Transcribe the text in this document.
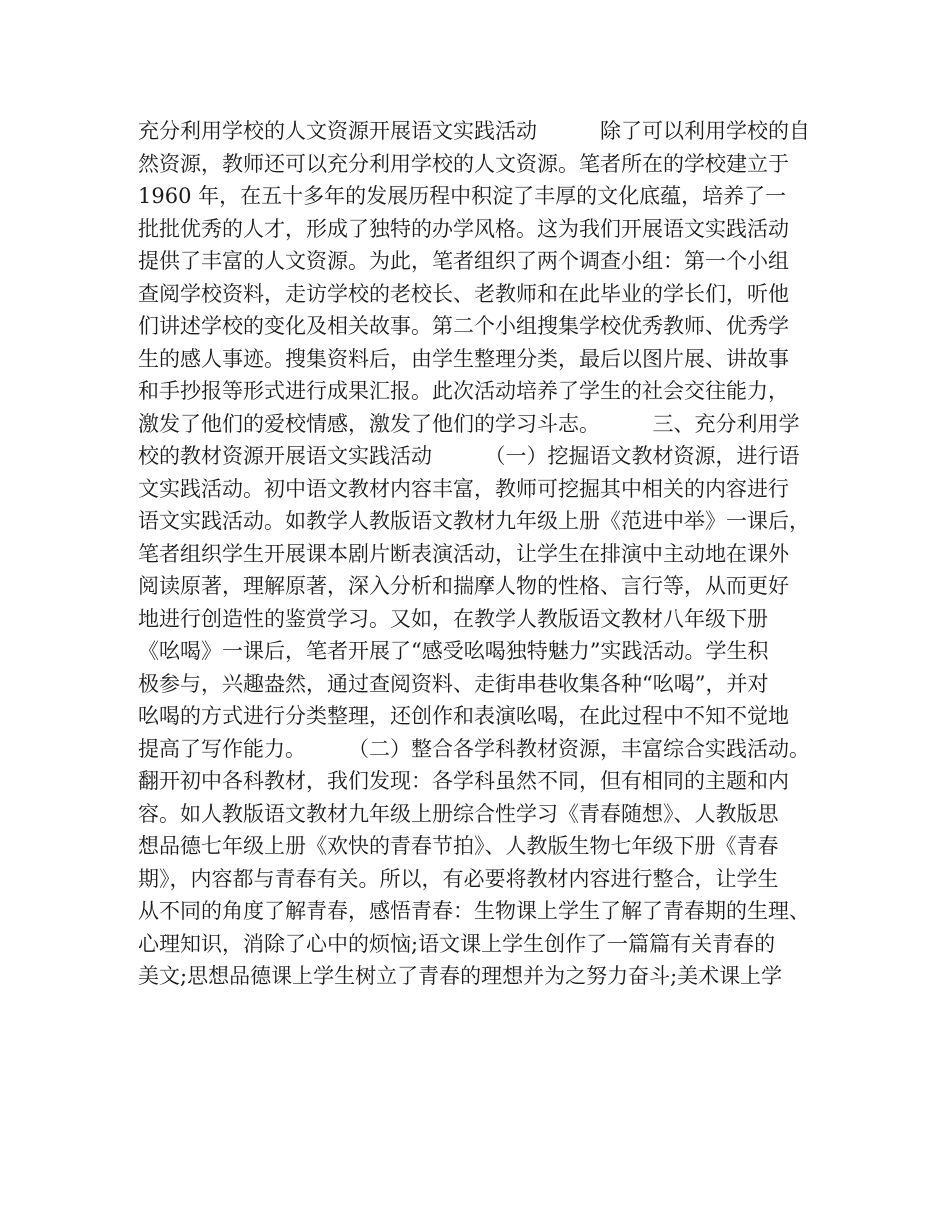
充分利用学校的人文资源开展语文实践活动　　　除了可以利用学校的自
然资源，教师还可以充分利用学校的人文资源。笔者所在的学校建立于
1960 年，在五十多年的发展历程中积淀了丰厚的文化底蕴，培养了一
批批优秀的人才，形成了独特的办学风格。这为我们开展语文实践活动
提供了丰富的人文资源。为此，笔者组织了两个调查小组：第一个小组
查阅学校资料，走访学校的老校长、老教师和在此毕业的学长们，听他
们讲述学校的变化及相关故事。第二个小组搜集学校优秀教师、优秀学
生的感人事迹。搜集资料后，由学生整理分类，最后以图片展、讲故事
和手抄报等形式进行成果汇报。此次活动培养了学生的社会交往能力，
激发了他们的爱校情感，激发了他们的学习斗志。　　　三、充分利用学
校的教材资源开展语文实践活动　　　（一）挖掘语文教材资源，进行语
文实践活动。初中语文教材内容丰富，教师可挖掘其中相关的内容进行
语文实践活动。如教学人教版语文教材九年级上册《范进中举》一课后，
笔者组织学生开展课本剧片断表演活动，让学生在排演中主动地在课外
阅读原著，理解原著，深入分析和揣摩人物的性格、言行等，从而更好
地进行创造性的鉴赏学习。又如，在教学人教版语文教材八年级下册
《吆喝》一课后，笔者开展了“感受吆喝独特魅力”实践活动。学生积
极参与，兴趣盎然，通过查阅资料、走街串巷收集各种“吆喝”，并对
吆喝的方式进行分类整理，还创作和表演吆喝，在此过程中不知不觉地
提高了写作能力。　　　（二）整合各学科教材资源，丰富综合实践活动。
翻开初中各科教材，我们发现：各学科虽然不同，但有相同的主题和内
容。如人教版语文教材九年级上册综合性学习《青春随想》、人教版思
想品德七年级上册《欢快的青春节拍》、人教版生物七年级下册《青春
期》，内容都与青春有关。所以，有必要将教材内容进行整合，让学生
从不同的角度了解青春，感悟青春：生物课上学生了解了青春期的生理、
心理知识，消除了心中的烦恼;语文课上学生创作了一篇篇有关青春的
美文;思想品德课上学生树立了青春的理想并为之努力奋斗;美术课上学
